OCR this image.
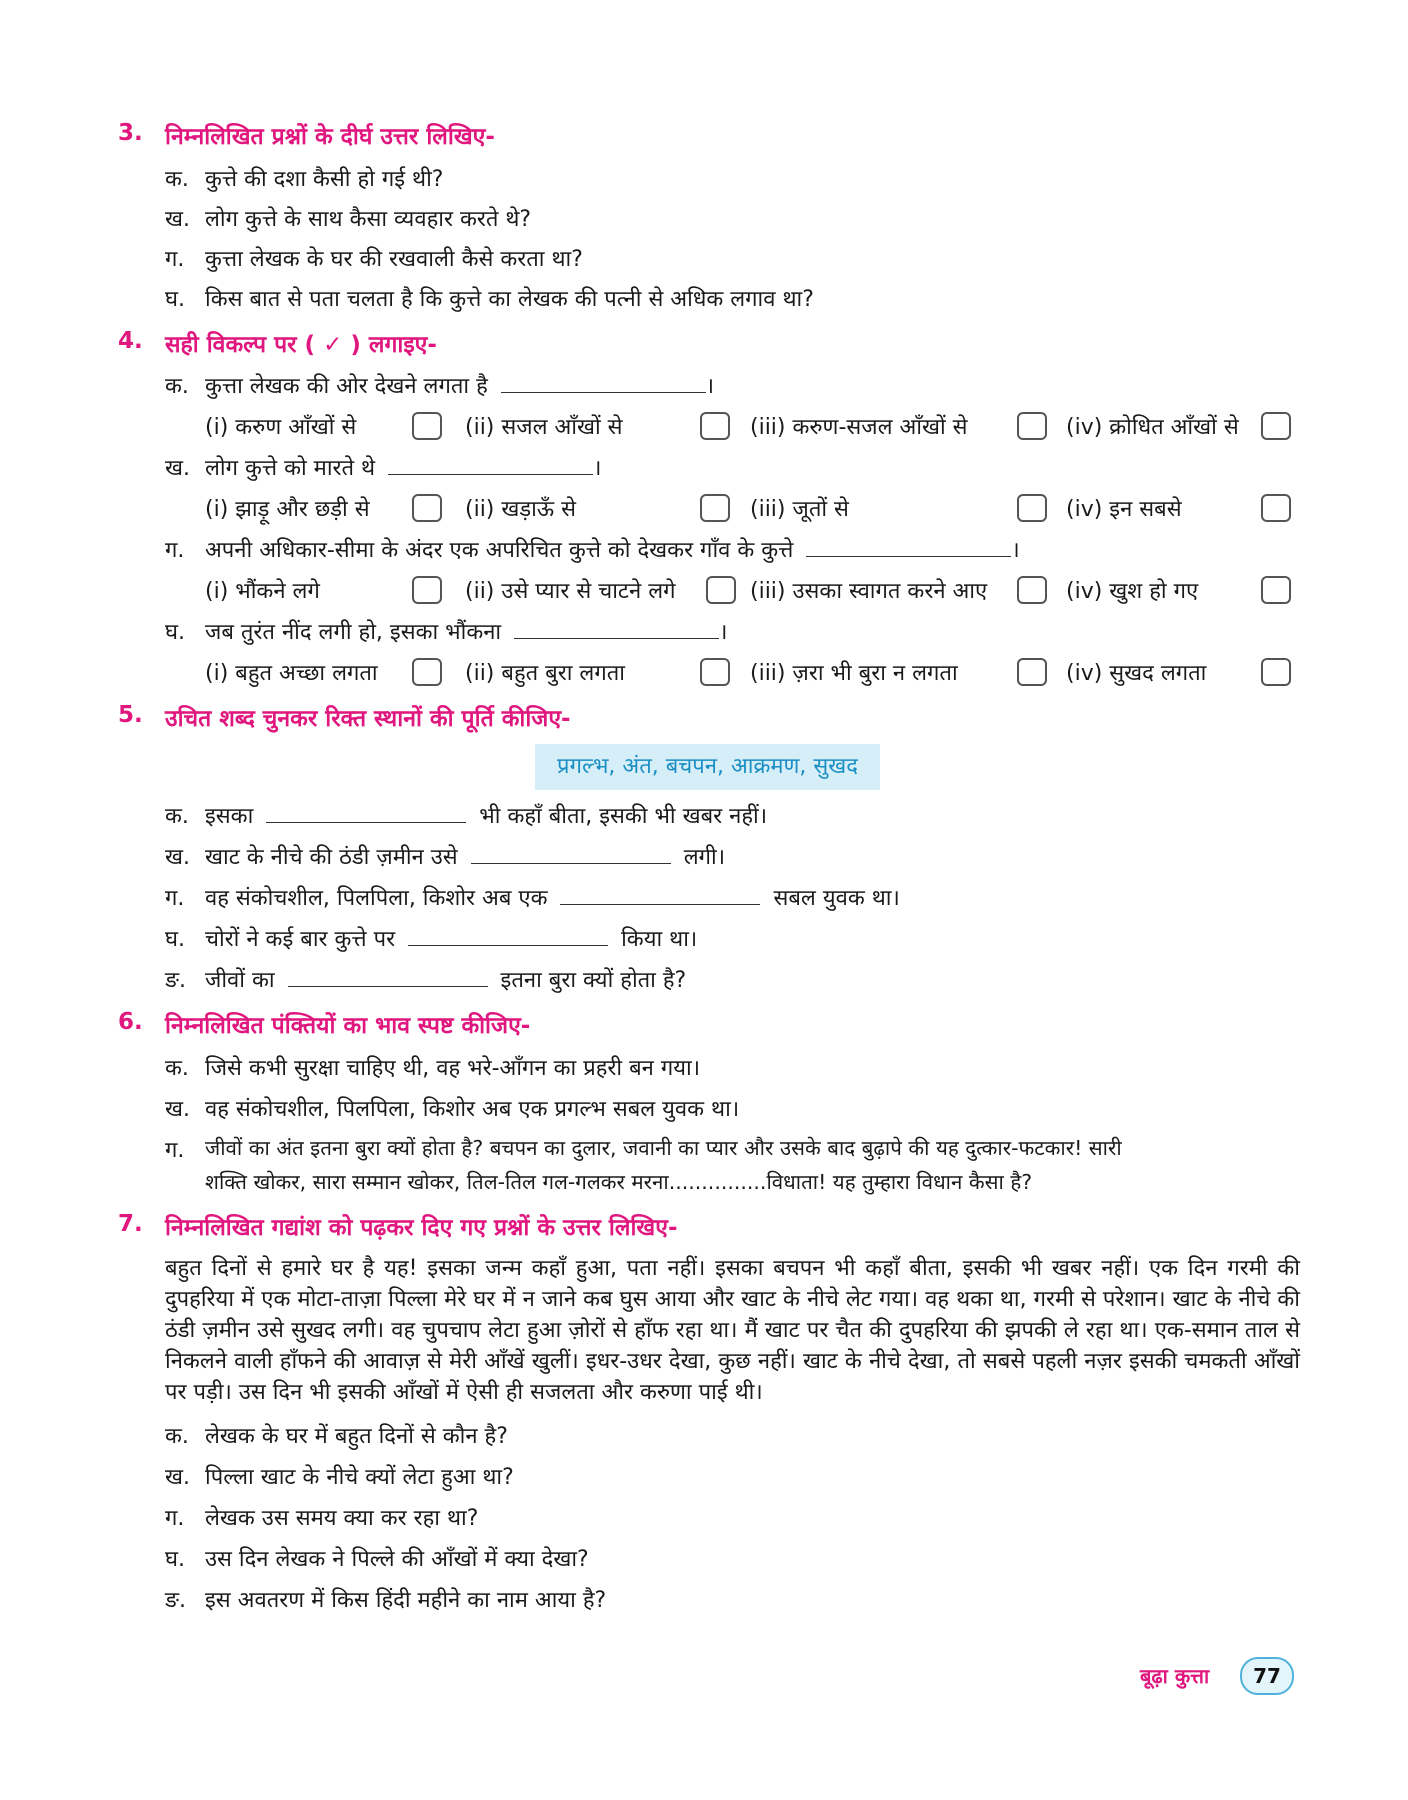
3. निम्नलिखित प्रश्नों के दीर्घ उत्तर लिखिए-
क. कुत्ते की दशा कैसी हो गई थी?
ख. लोग कुत्ते के साथ कैसा व्यवहार करते थे?
ग. कुत्ता लेखक के घर की रखवाली कैसे करता था?
घ. किस बात से पता चलता है कि कुत्ते का लेखक की पत्नी से अधिक लगाव था?
4. सही विकल्प पर ( ✓ ) लगाइए-
क. कुत्ता लेखक की ओर देखने लगता है	।
(i) करुण आँखों से	(ii) सजल आँखों से	(iii) करुण-सजल आँखों से	(iv) क्रोधित आँखों से
ख. लोग कुत्ते को मारते थे	।
(i) झाड़ू और छड़ी से	(ii) खड़ाऊँ से	(iii) जूतों से	(iv) इन सबसे
ग. अपनी अधिकार-सीमा के अंदर एक अपरिचित कुत्ते को देखकर गाँव के कुत्ते	।
(i) भौंकने लगे	(ii) उसे प्यार से चाटने लगे	(iii) उसका स्वागत करने आए	(iv) खुश हो गए
घ. जब तुरंत नींद लगी हो, इसका भौंकना	।
(i) बहुत अच्छा लगता	(ii) बहुत बुरा लगता	(iii) ज़रा भी बुरा न लगता	(iv) सुखद लगता
5. उचित शब्द चुनकर रिक्त स्थानों की पूर्ति कीजिए-
प्रगल्भ, अंत, बचपन, आक्रमण, सुखद
क. इसका	भी कहाँ बीता, इसकी भी खबर नहीं।
ख. खाट के नीचे की ठंडी ज़मीन उसे	लगी।
ग. वह संकोचशील, पिलपिला, किशोर अब एक	सबल युवक था।
घ. चोरों ने कई बार कुत्ते पर	किया था।
ङ. जीवों का	इतना बुरा क्यों होता है?
6. निम्नलिखित पंक्तियों का भाव स्पष्ट कीजिए-
क. जिसे कभी सुरक्षा चाहिए थी, वह भरे-आँगन का प्रहरी बन गया।
ख. वह संकोचशील, पिलपिला, किशोर अब एक प्रगल्भ सबल युवक था।
ग. जीवों का अंत इतना बुरा क्यों होता है? बचपन का दुलार, जवानी का प्यार और उसके बाद बुढ़ापे की यह दुत्कार-फटकार! सारी
शक्ति खोकर, सारा सम्मान खोकर, तिल-तिल गल-गलकर मरना...............विधाता! यह तुम्हारा विधान कैसा है?
7. निम्नलिखित गद्यांश को पढ़कर दिए गए प्रश्नों के उत्तर लिखिए-
बहुत दिनों से हमारे घर है यह! इसका जन्म कहाँ हुआ, पता नहीं। इसका बचपन भी कहाँ बीता, इसकी भी खबर नहीं। एक दिन गरमी की दुपहरिया में एक मोटा-ताज़ा पिल्ला मेरे घर में न जाने कब घुस आया और खाट के नीचे लेट गया। वह थका था, गरमी से परेशान। खाट के नीचे की ठंडी ज़मीन उसे सुखद लगी। वह चुपचाप लेटा हुआ ज़ोरों से हाँफ रहा था। मैं खाट पर चैत की दुपहरिया की झपकी ले रहा था। एक-समान ताल से निकलने वाली हाँफने की आवाज़ से मेरी आँखें खुलीं। इधर-उधर देखा, कुछ नहीं। खाट के नीचे देखा, तो सबसे पहली नज़र इसकी चमकती आँखों पर पड़ी। उस दिन भी इसकी आँखों में ऐसी ही सजलता और करुणा पाई थी।
क. लेखक के घर में बहुत दिनों से कौन है?
ख. पिल्ला खाट के नीचे क्यों लेटा हुआ था?
ग. लेखक उस समय क्या कर रहा था?
घ. उस दिन लेखक ने पिल्ले की आँखों में क्या देखा?
ङ. इस अवतरण में किस हिंदी महीने का नाम आया है?
बूढ़ा कुत्ता	77
